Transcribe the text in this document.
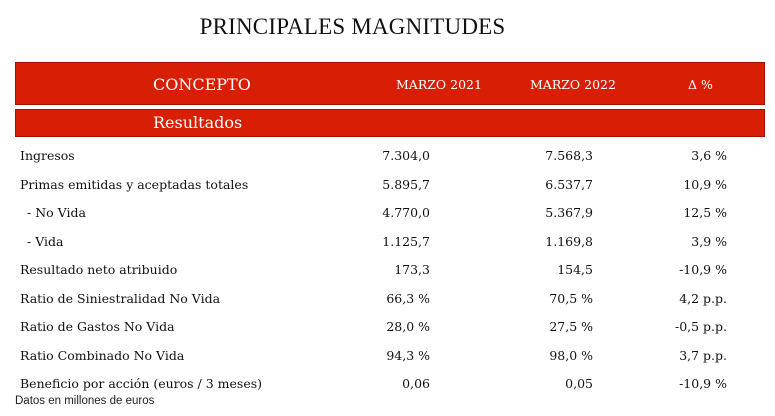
PRINCIPALES MAGNITUDES
CONCEPTO	MARZO 2021	MARZO 2022	Δ %
Resultados
Ingresos	7.304,0	7.568,3	3,6 %
Primas emitidas y aceptadas totales	5.895,7	6.537,7	10,9 %
- No Vida	4.770,0	5.367,9	12,5 %
- Vida	1.125,7	1.169,8	3,9 %
Resultado neto atribuido	173,3	154,5	-10,9 %
Ratio de Siniestralidad No Vida	66,3 %	70,5 %	4,2 p.p.
Ratio de Gastos No Vida	28,0 %	27,5 %	-0,5 p.p.
Ratio Combinado No Vida	94,3 %	98,0 %	3,7 p.p.
Beneficio por acción (euros / 3 meses)	0,06	0,05	-10,9 %
Datos en millones de euros
